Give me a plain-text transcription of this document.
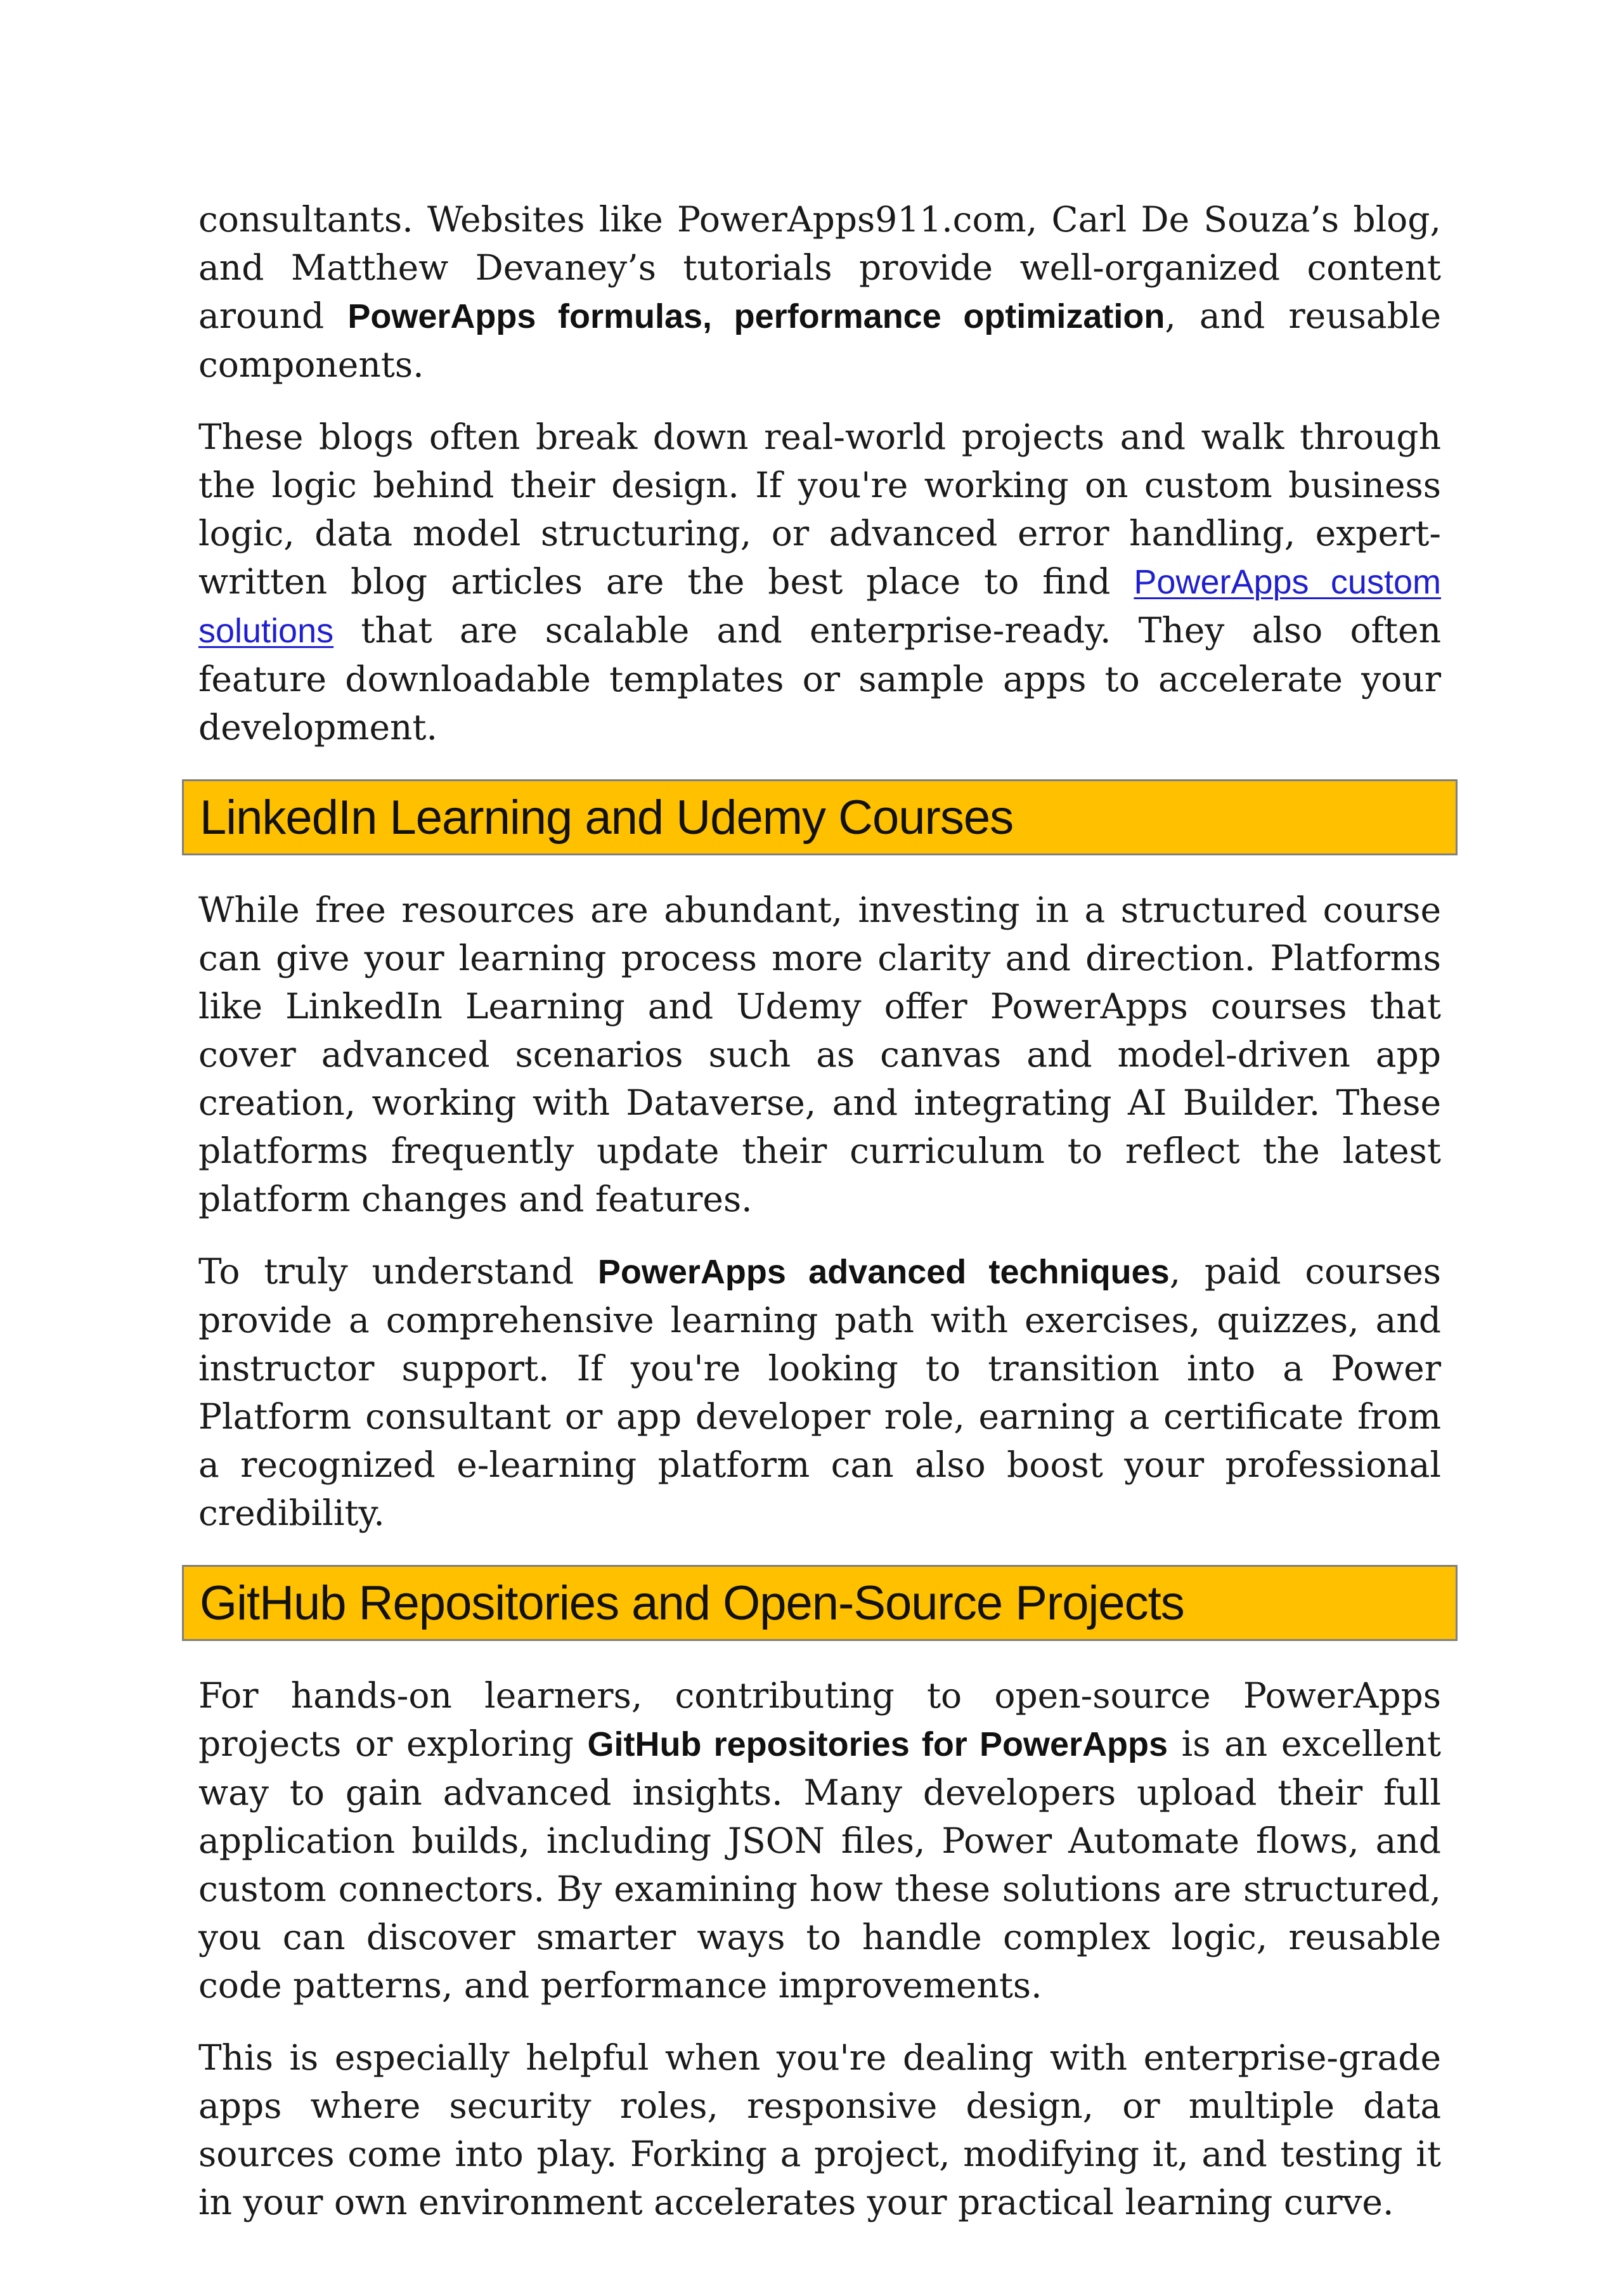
consultants. Websites like PowerApps911.com, Carl De Souza’s blog, and Matthew Devaney’s tutorials provide well-organized content around PowerApps formulas, performance optimization, and reusable components.

These blogs often break down real-world projects and walk through the logic behind their design. If you're working on custom business logic, data model structuring, or advanced error handling, expert-written blog articles are the best place to find PowerApps custom solutions that are scalable and enterprise-ready. They also often feature downloadable templates or sample apps to accelerate your development.

LinkedIn Learning and Udemy Courses

While free resources are abundant, investing in a structured course can give your learning process more clarity and direction. Platforms like LinkedIn Learning and Udemy offer PowerApps courses that cover advanced scenarios such as canvas and model-driven app creation, working with Dataverse, and integrating AI Builder. These platforms frequently update their curriculum to reflect the latest platform changes and features.

To truly understand PowerApps advanced techniques, paid courses provide a comprehensive learning path with exercises, quizzes, and instructor support. If you're looking to transition into a Power Platform consultant or app developer role, earning a certificate from a recognized e-learning platform can also boost your professional credibility.

GitHub Repositories and Open-Source Projects

For hands-on learners, contributing to open-source PowerApps projects or exploring GitHub repositories for PowerApps is an excellent way to gain advanced insights. Many developers upload their full application builds, including JSON files, Power Automate flows, and custom connectors. By examining how these solutions are structured, you can discover smarter ways to handle complex logic, reusable code patterns, and performance improvements.

This is especially helpful when you're dealing with enterprise-grade apps where security roles, responsive design, or multiple data sources come into play. Forking a project, modifying it, and testing it in your own environment accelerates your practical learning curve.
